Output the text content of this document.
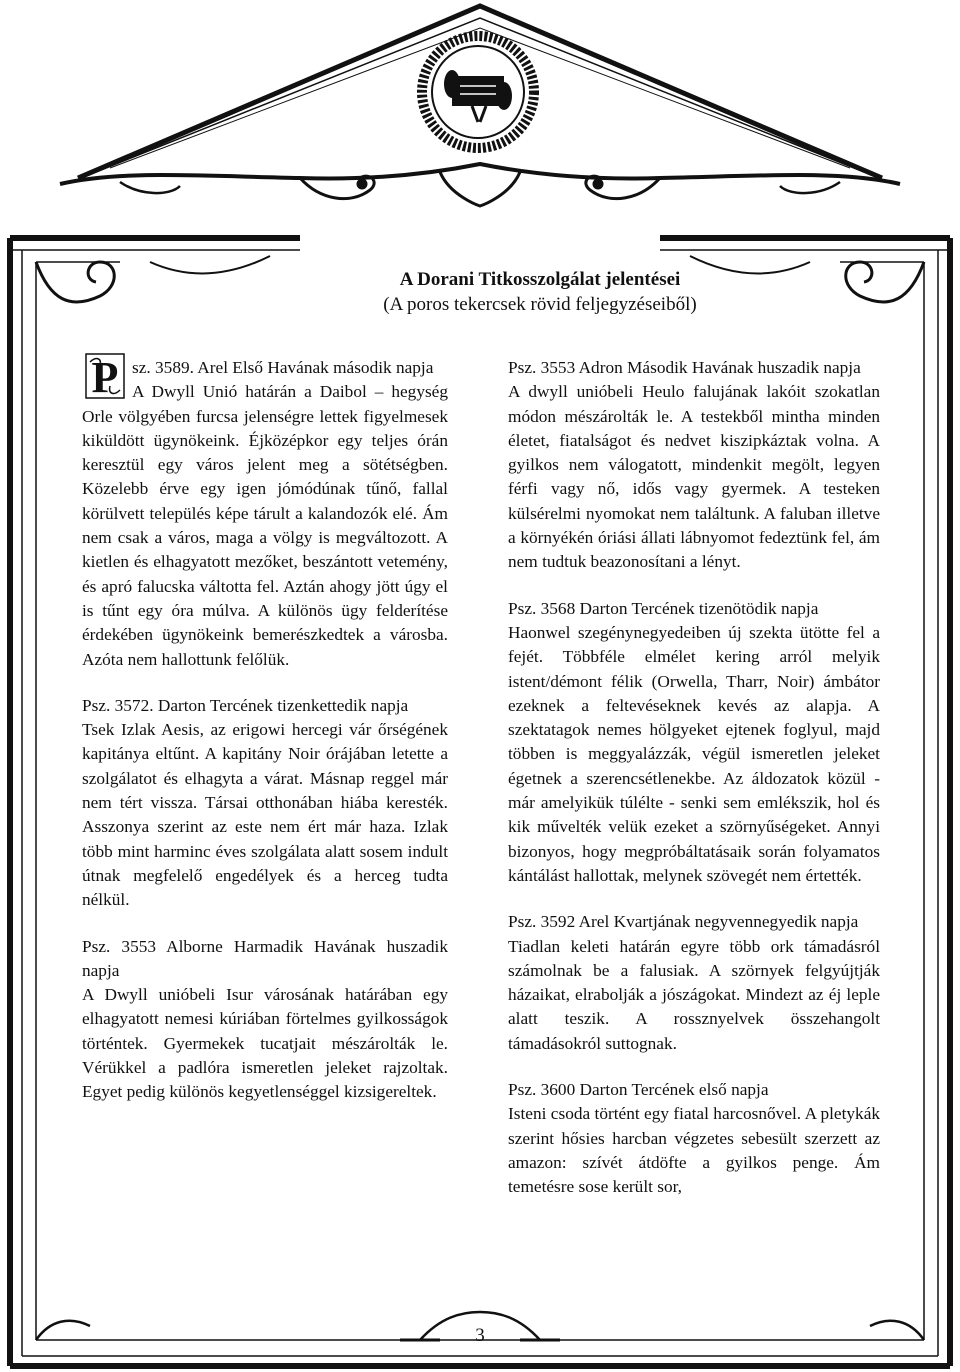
A Dorani Titkosszolgálat jelentései
(A poros tekercsek rövid feljegyzéseiből)
P sz. 3589. Arel Első Havának második napja
A Dwyll Unió határán a Daibol – hegység Orle völgyében furcsa jelenségre lettek figyelmesek kiküldött ügynökeink. Éjközépkor egy teljes órán keresztül egy város jelent meg a sötétségben. Közelebb érve egy igen jómódúnak tűnő, fallal körülvett település képe tárult a kalandozók elé. Ám nem csak a város, maga a völgy is megváltozott. A kietlen és elhagyatott mezőket, beszántott vetemény, és apró falucska váltotta fel. Aztán ahogy jött úgy el is tűnt egy óra múlva. A különös ügy felderítése érdekében ügynökeink bemerészkedtek a városba. Azóta nem hallottunk felőlük.

Psz. 3572. Darton Tercének tizenkettedik napja
Tsek Izlak Aesis, az erigowi hercegi vár őrségének kapitánya eltűnt. A kapitány Noir órájában letette a szolgálatot és elhagyta a várat. Másnap reggel már nem tért vissza. Társai otthonában hiába keresték. Asszonya szerint az este nem ért már haza. Izlak több mint harminc éves szolgálata alatt sosem indult útnak megfelelő engedélyek és a herceg tudta nélkül.

Psz. 3553 Alborne Harmadik Havának huszadik napja
A Dwyll unióbeli Isur városának határában egy elhagyatott nemesi kúriában förtelmes gyilkosságok történtek. Gyermekek tucatjait mészárolták le. Vérükkel a padlóra ismeretlen jeleket rajzoltak. Egyet pedig különös kegyetlenséggel kizsigereltek.

Psz. 3553 Adron Második Havának huszadik napja
A dwyll unióbeli Heulo falujának lakóit szokatlan módon mészárolták le. A testekből mintha minden életet, fiatalságot és nedvet kiszipkáztak volna. A gyilkos nem válogatott, mindenkit megölt, legyen férfi vagy nő, idős vagy gyermek. A testeken külsérelmi nyomokat nem találtunk. A faluban illetve a környékén óriási állati lábnyomot fedeztünk fel, ám nem tudtuk beazonosítani a lényt.

Psz. 3568 Darton Tercének tizenötödik napja
Haonwel szegénynegyedeiben új szekta ütötte fel a fejét. Többféle elmélet kering arról melyik istent/démont félik (Orwella, Tharr, Noir) ámbátor ezeknek a feltevéseknek kevés az alapja. A szektatagok nemes hölgyeket ejtenek foglyul, majd többen is meggyalázzák, végül ismeretlen jeleket égetnek a szerencsétlenekbe. Az áldozatok közül - már amelyikük túlélte - senki sem emlékszik, hol és kik művelték velük ezeket a szörnyűségeket. Annyi bizonyos, hogy megpróbáltatásaik során folyamatos kántálást hallottak, melynek szövegét nem értették.

Psz. 3592 Arel Kvartjának negyvennegyedik napja
Tiadlan keleti határán egyre több ork támadásról számolnak be a falusiak. A szörnyek felgyújtják házaikat, elrabolják a jószágokat. Mindezt az éj leple alatt teszik. A rossznyelvek összehangolt támadásokról suttognak.

Psz. 3600 Darton Tercének első napja
Isteni csoda történt egy fiatal harcosnővel. A pletykák szerint hősies harcban végzetes sebesült szerzett az amazon: szívét átdöfte a gyilkos penge. Ám temetésre sose került sor,

3
